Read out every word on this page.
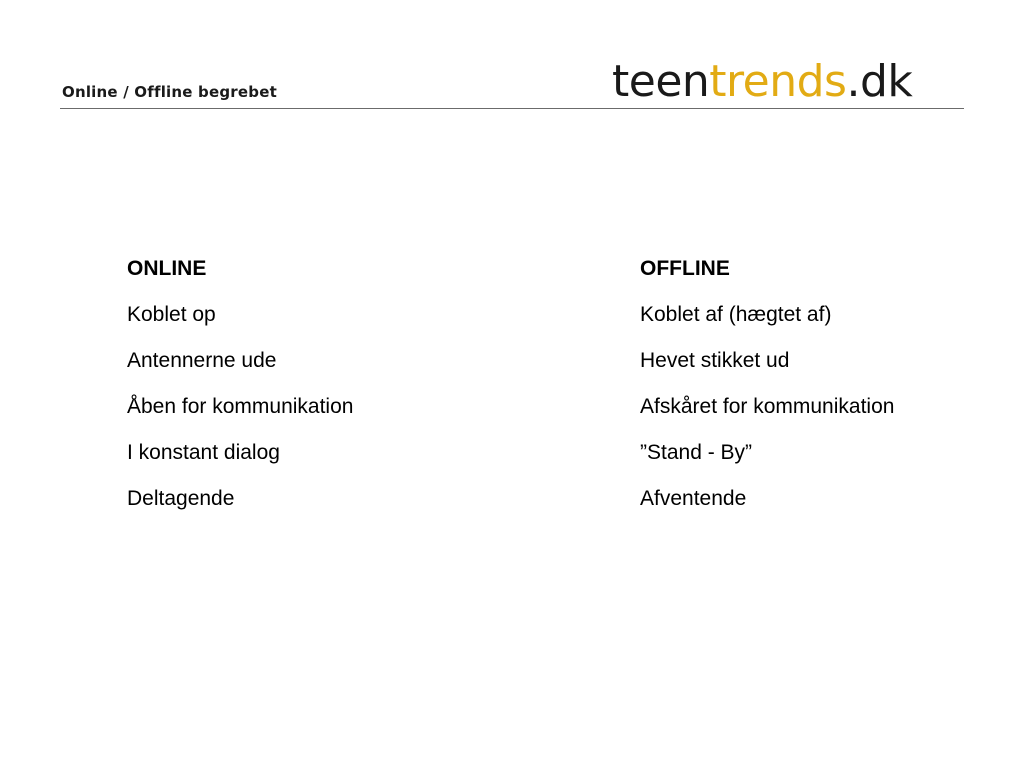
Online / Offline begrebet	teentrends.dk
ONLINE
Koblet op
Antennerne ude
Åben for kommunikation
I konstant dialog
Deltagende
OFFLINE
Koblet af (hægtet af)
Hevet stikket ud
Afskåret for kommunikation
”Stand - By”
Afventende
